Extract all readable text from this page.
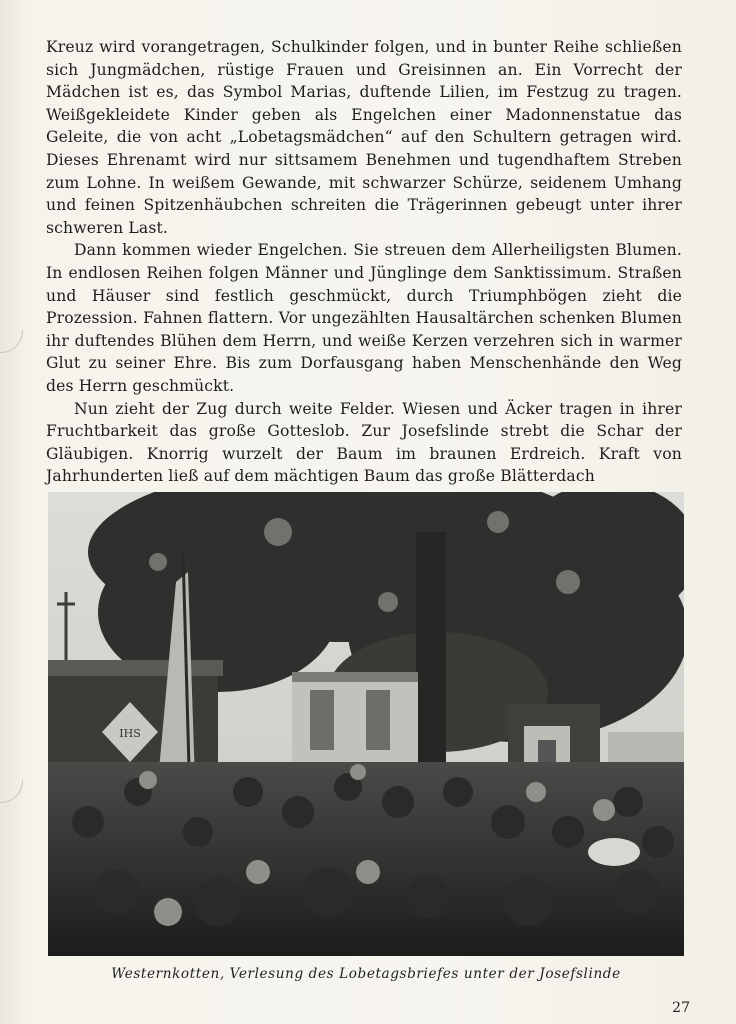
Kreuz wird vorangetragen, Schulkinder folgen, und in bunter Reihe schließen sich Jungmädchen, rüstige Frauen und Greisinnen an. Ein Vorrecht der Mädchen ist es, das Symbol Marias, duftende Lilien, im Festzug zu tragen. Weißgekleidete Kinder geben als Engelchen einer Madonnenstatue das Geleite, die von acht „Lobetagsmädchen“ auf den Schultern getragen wird. Dieses Ehrenamt wird nur sittsamem Benehmen und tugendhaftem Streben zum Lohne. In weißem Gewande, mit schwarzer Schürze, seidenem Umhang und feinen Spitzenhäubchen schreiten die Trägerinnen gebeugt unter ihrer schweren Last.

Dann kommen wieder Engelchen. Sie streuen dem Allerheiligsten Blumen. In endlosen Reihen folgen Männer und Jünglinge dem Sanktissimum. Straßen und Häuser sind festlich geschmückt, durch Triumphbögen zieht die Prozession. Fahnen flattern. Vor ungezählten Hausaltärchen schenken Blumen ihr duftendes Blühen dem Herrn, und weiße Kerzen verzehren sich in warmer Glut zu seiner Ehre. Bis zum Dorfausgang haben Menschenhände den Weg des Herrn geschmückt.

Nun zieht der Zug durch weite Felder. Wiesen und Äcker tragen in ihrer Fruchtbarkeit das große Gotteslob. Zur Josefslinde strebt die Schar der Gläubigen. Knorrig wurzelt der Baum im braunen Erdreich. Kraft von Jahrhunderten ließ auf dem mächtigen Baum das große Blätterdach

IHS
Westernkotten, Verlesung des Lobetagsbriefes unter der Josefslinde
27
